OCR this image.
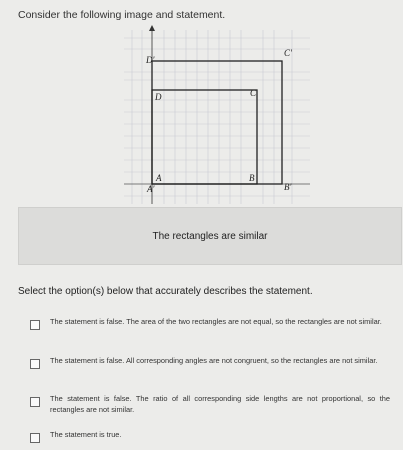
Consider the following image and statement.
D'
C'
D	C
A	B
A'	B'
The rectangles are similar
Select the option(s) below that accurately describes the statement.
The statement is false. The area of the two rectangles are not equal, so the rectangles are not similar.
The statement is false. All corresponding angles are not congruent, so the rectangles are not similar.
The statement is false. The ratio of all corresponding side lengths are not proportional, so the rectangles are not similar.
The statement is true.
